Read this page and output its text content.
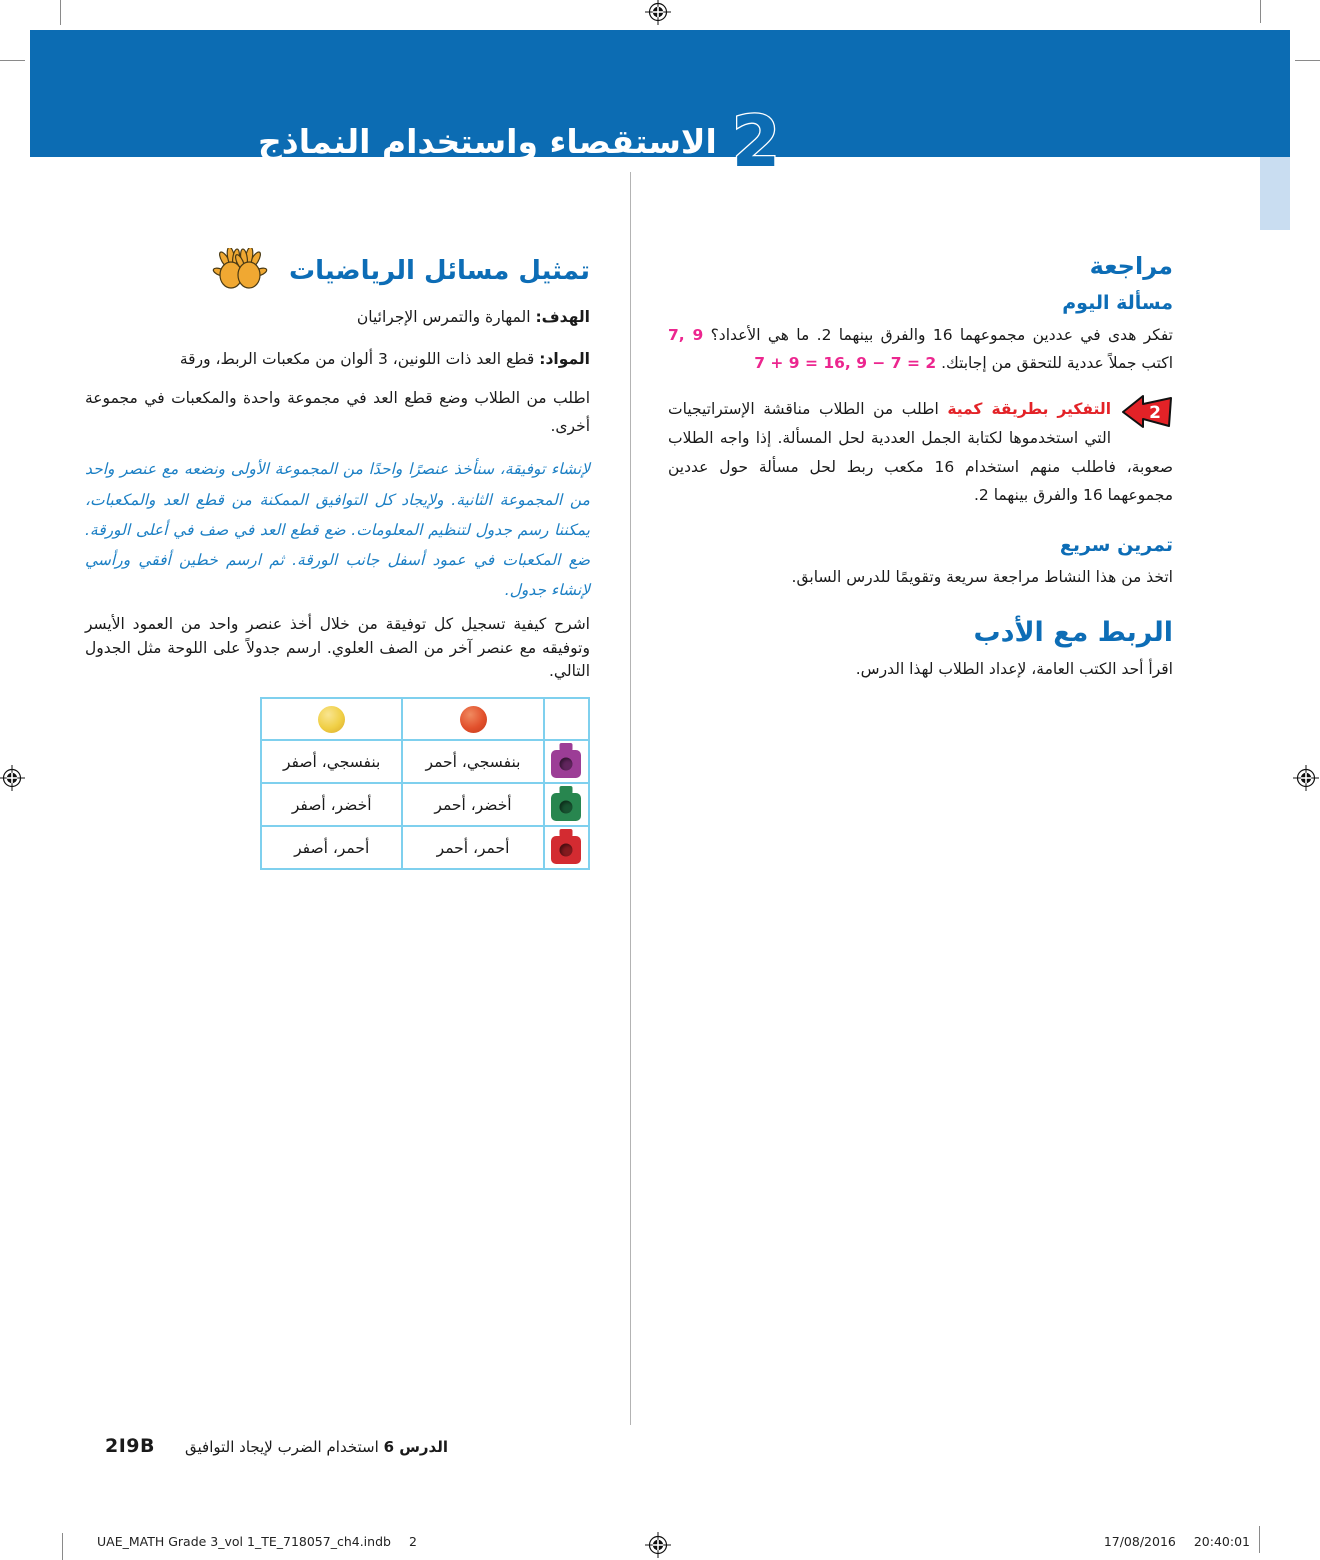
2
الاستقصاء واستخدام النماذج
مراجعة
مسألة اليوم

تفكر هدى في عددين مجموعهما 16 والفرق بينهما 2. ما هي الأعداد؟ 7, 9 اكتب جملاً عددية للتحقق من إجابتك. 7 + 9 = 16, 9 − 7 = 2

2
التفكير بطريقة كمية اطلب من الطلاب مناقشة الإستراتيجيات التي استخدموها لكتابة الجمل العددية لحل المسألة. إذا واجه الطلاب صعوبة، فاطلب منهم استخدام 16 مكعب ربط لحل مسألة حول عددين مجموعهما 16 والفرق بينهما 2.

تمرين سريع

اتخذ من هذا النشاط مراجعة سريعة وتقويمًا للدرس السابق.

الربط مع الأدب

اقرأ أحد الكتب العامة، لإعداد الطلاب لهذا الدرس.

تمثيل مسائل الرياضيات

الهدف: المهارة والتمرس الإجرائيان

المواد: قطع العد ذات اللونين، 3 ألوان من مكعبات الربط، ورقة

اطلب من الطلاب وضع قطع العد في مجموعة واحدة والمكعبات في مجموعة أخرى.

لإنشاء توفيقة، سنأخذ عنصرًا واحدًا من المجموعة الأولى ونضعه مع عنصر واحد من المجموعة الثانية. ولإيجاد كل التوافيق الممكنة من قطع العد والمكعبات، يمكننا رسم جدول لتنظيم المعلومات. ضع قطع العد في صف في أعلى الورقة. ضع المكعبات في عمود أسفل جانب الورقة. ثم ارسم خطين أفقي ورأسي لإنشاء جدول.

اشرح كيفية تسجيل كل توفيقة من خلال أخذ عنصر واحد من العمود الأيسر وتوفيقه مع عنصر آخر من الصف العلوي. ارسم جدولاً على اللوحة مثل الجدول التالي.

	بنفسجي، أحمر	بنفسجي، أصفر

	أخضر، أحمر	أخضر، أصفر

	أحمر، أحمر	أحمر، أصفر
2I9B	الدرس 6 استخدام الضرب لإيجاد التوافيق
UAE_MATH Grade 3_vol 1_TE_718057_ch4.indb 2	17/08/2016 20:40:01
